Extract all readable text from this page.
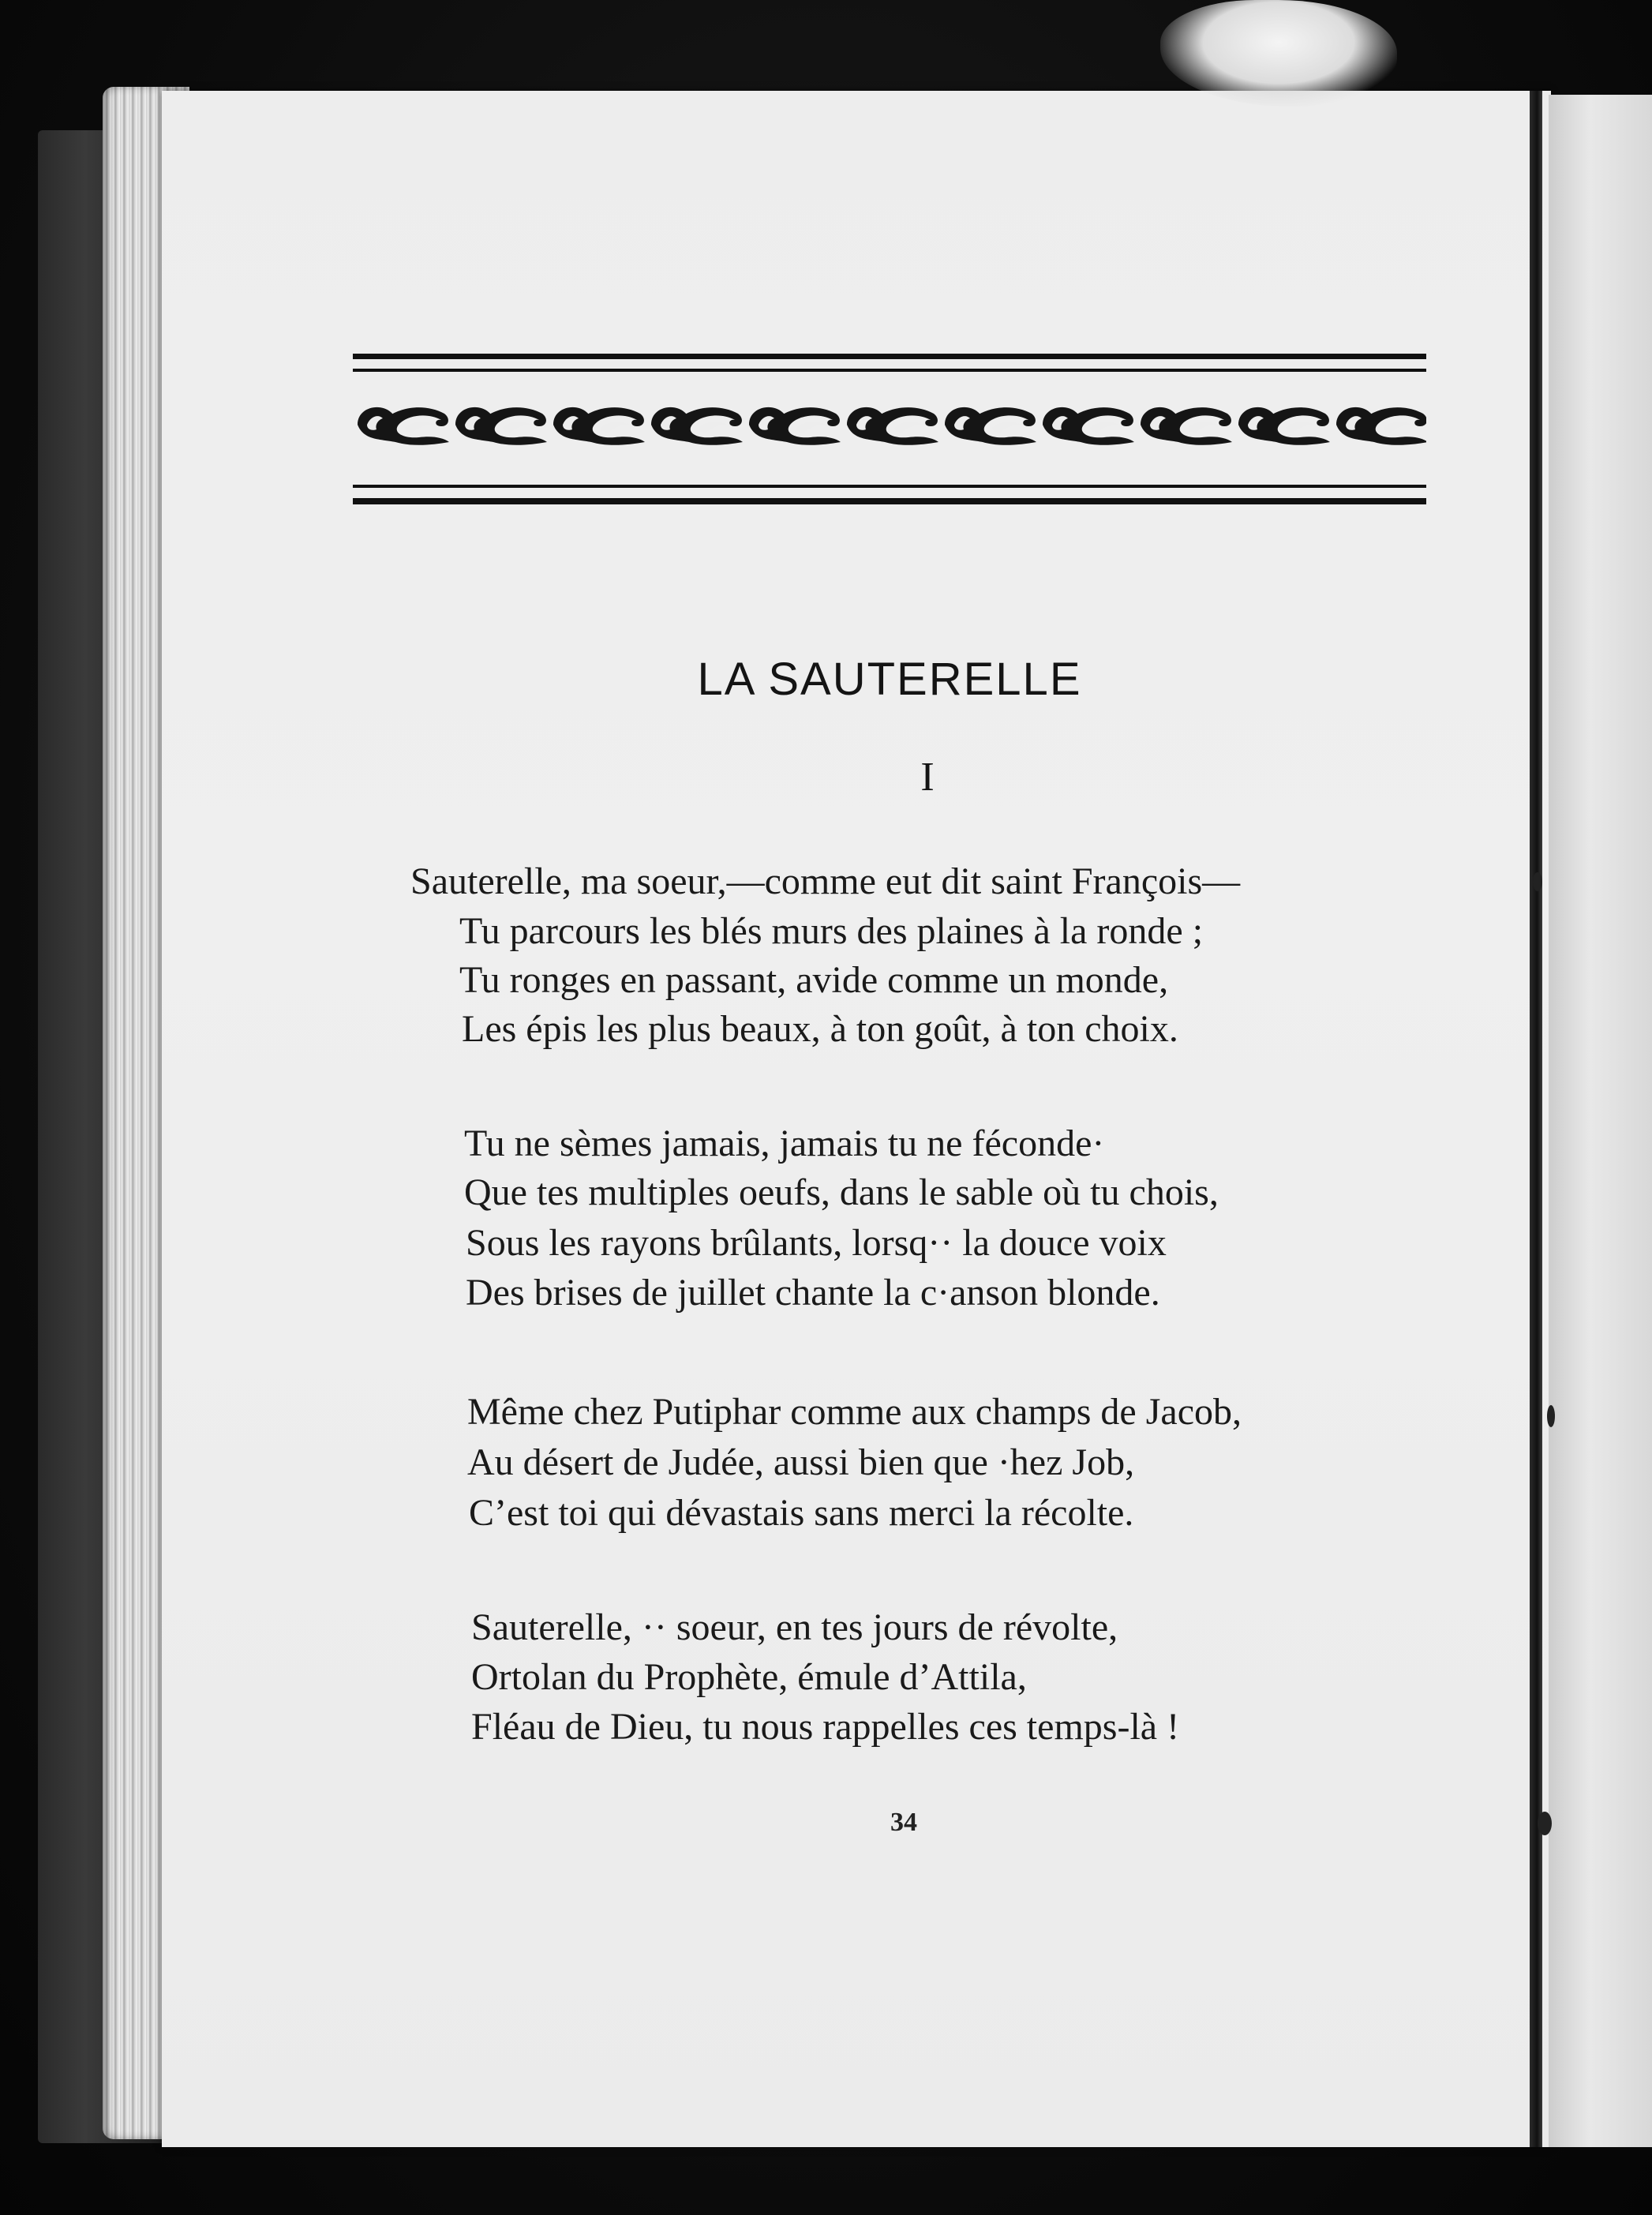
LA SAUTERELLE
I
Sauterelle, ma soeur,—comme eut dit saint François—
Tu parcours les blés murs des plaines à la ronde ;
Tu ronges en passant, avide comme un monde,
Les épis les plus beaux, à ton goût, à ton choix.
Tu ne sèmes jamais, jamais tu ne féconde·
Que tes multiples oeufs, dans le sable où tu chois,
Sous les rayons brûlants, lorsq·· la douce voix
Des brises de juillet chante la c·anson blonde.
Même chez Putiphar comme aux champs de Jacob,
Au désert de Judée, aussi bien que ·hez Job,
C’est toi qui dévastais sans merci la récolte.
Sauterelle, ·· soeur, en tes jours de révolte,
Ortolan du Prophète, émule d’Attila,
Fléau de Dieu, tu nous rappelles ces temps-là !
34
